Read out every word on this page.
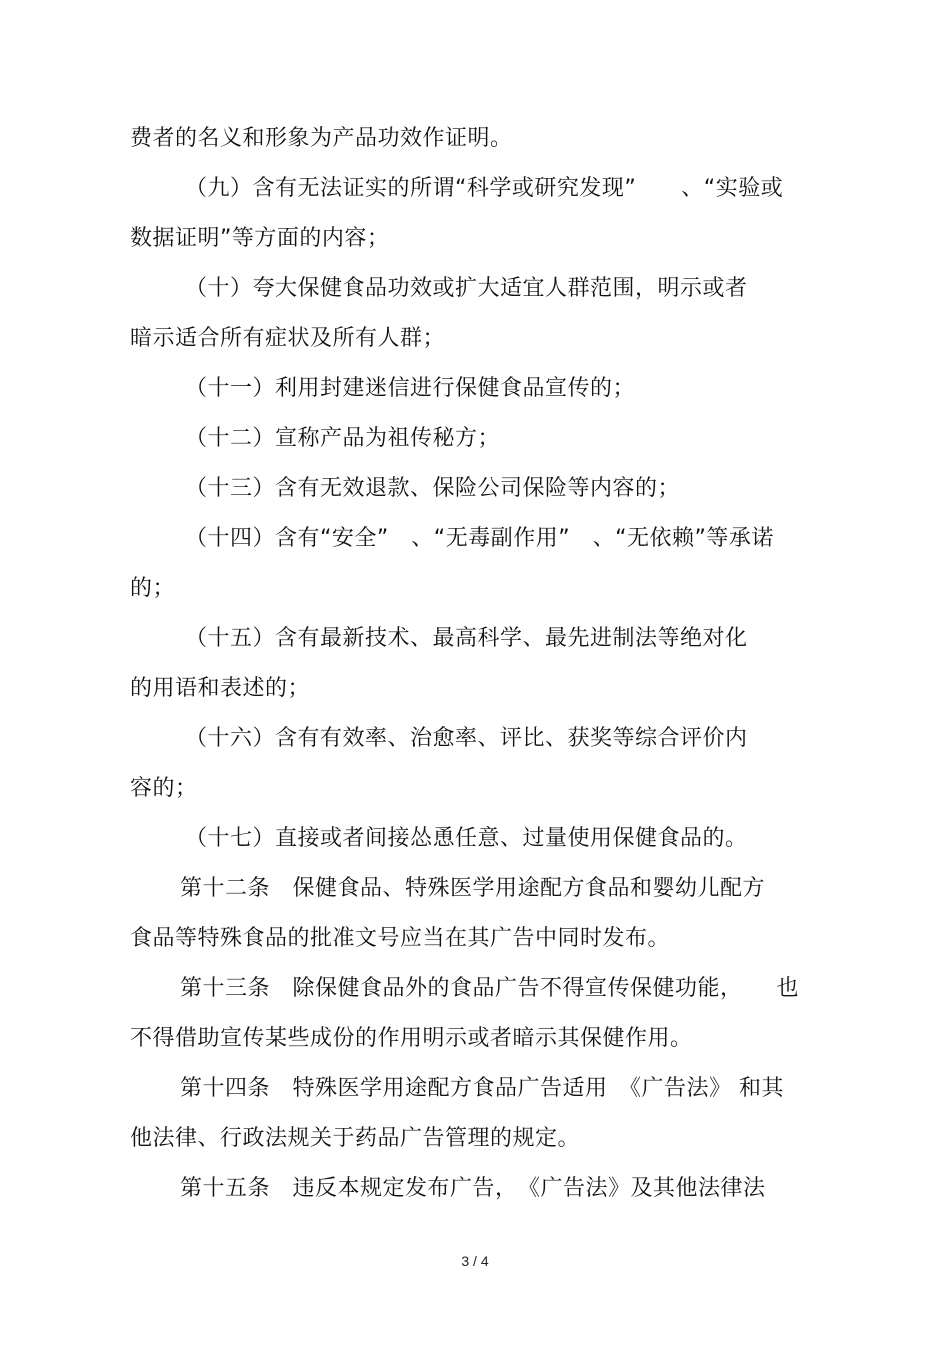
费者的名义和形象为产品功效作证明。
（九）含有无法证实的所谓“科学或研究发现”　　、“实验或
数据证明”等方面的内容；
（十）夸大保健食品功效或扩大适宜人群范围，明示或者
暗示适合所有症状及所有人群；
（十一）利用封建迷信进行保健食品宣传的；
（十二）宣称产品为祖传秘方；
（十三）含有无效退款、保险公司保险等内容的；
（十四）含有“安全”　、“无毒副作用”　、“无依赖”等承诺
的；
（十五）含有最新技术、最高科学、最先进制法等绝对化
的用语和表述的；
（十六）含有有效率、治愈率、评比、获奖等综合评价内
容的；
（十七）直接或者间接怂恿任意、过量使用保健食品的。
第十二条　保健食品、特殊医学用途配方食品和婴幼儿配方
食品等特殊食品的批准文号应当在其广告中同时发布。
第十三条　除保健食品外的食品广告不得宣传保健功能，　　也
不得借助宣传某些成份的作用明示或者暗示其保健作用。
第十四条　特殊医学用途配方食品广告适用　《广告法》 和其
他法律、行政法规关于药品广告管理的规定。
第十五条　违反本规定发布广告，　《广告法》及其他法律法
3 / 4
